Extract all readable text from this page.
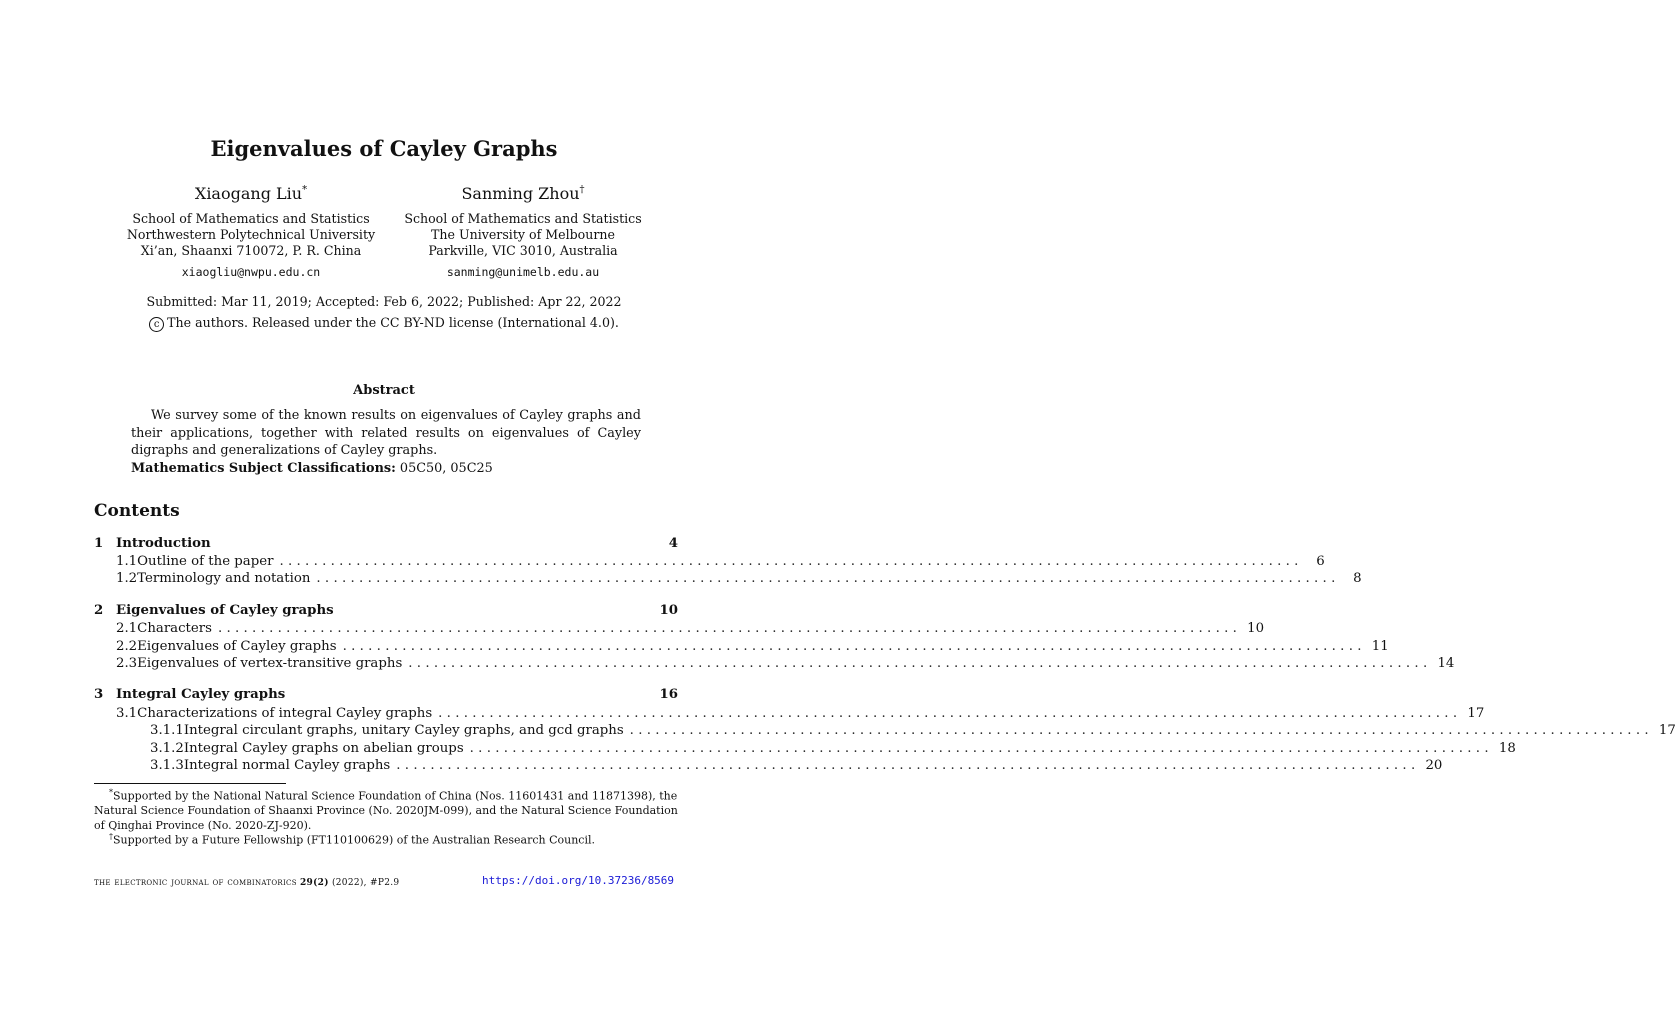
Eigenvalues of Cayley Graphs
Xiaogang Liu*
School of Mathematics and Statistics
Northwestern Polytechnical University
Xi’an, Shaanxi 710072, P. R. China
xiaogliu@nwpu.edu.cn
Sanming Zhou†
School of Mathematics and Statistics
The University of Melbourne
Parkville, VIC 3010, Australia
sanming@unimelb.edu.au
Submitted: Mar 11, 2019; Accepted: Feb 6, 2022; Published: Apr 22, 2022
c The authors. Released under the CC BY-ND license (International 4.0).
Abstract
We survey some of the known results on eigenvalues of Cayley graphs and their applications, together with related results on eigenvalues of Cayley digraphs and generalizations of Cayley graphs.
Mathematics Subject Classifications: 05C50, 05C25
Contents
1 Introduction	4
1.1 Outline of the paper ........................................................................................................................	6
1.2 Terminology and notation ........................................................................................................................	8
2 Eigenvalues of Cayley graphs	10
2.1 Characters ........................................................................................................................ 10
2.2 Eigenvalues of Cayley graphs ........................................................................................................................ 11
2.3 Eigenvalues of vertex-transitive graphs ........................................................................................................................ 14
3 Integral Cayley graphs	16
3.1 Characterizations of integral Cayley graphs ........................................................................................................................ 17
3.1.1 Integral circulant graphs, unitary Cayley graphs, and gcd graphs ........................................................................................................................ 17
3.1.2 Integral Cayley graphs on abelian groups ........................................................................................................................ 18
3.1.3 Integral normal Cayley graphs ........................................................................................................................ 20
*Supported by the National Natural Science Foundation of China (Nos. 11601431 and 11871398), the Natural Science Foundation of Shaanxi Province (No. 2020JM-099), and the Natural Science Foundation of Qinghai Province (No. 2020-ZJ-920).
†Supported by a Future Fellowship (FT110100629) of the Australian Research Council.
the electronic journal of combinatorics 29(2) (2022), #P2.9	https://doi.org/10.37236/8569
